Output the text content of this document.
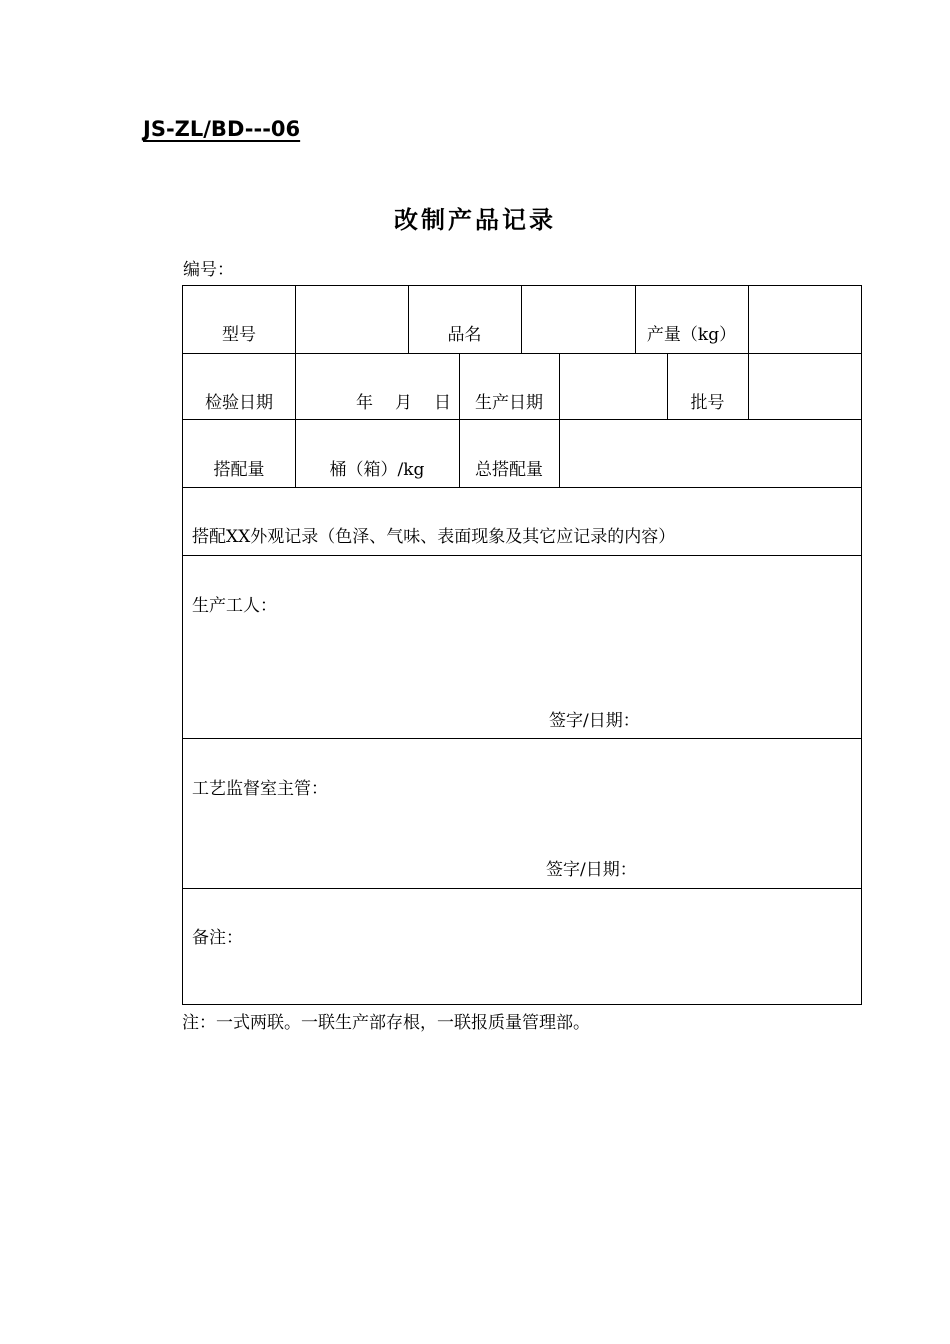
JS-ZL/BD---06
改制产品记录
编号：
型号	品名	产量（kg）
检验日期	年 月 日	生产日期	批号
搭配量	桶（箱）/kg	总搭配量
搭配XX外观记录（色泽、气味、表面现象及其它应记录的内容）
生产工人：
签字/日期：
工艺监督室主管：
签字/日期：
备注：
注：一式两联。一联生产部存根，一联报质量管理部。
